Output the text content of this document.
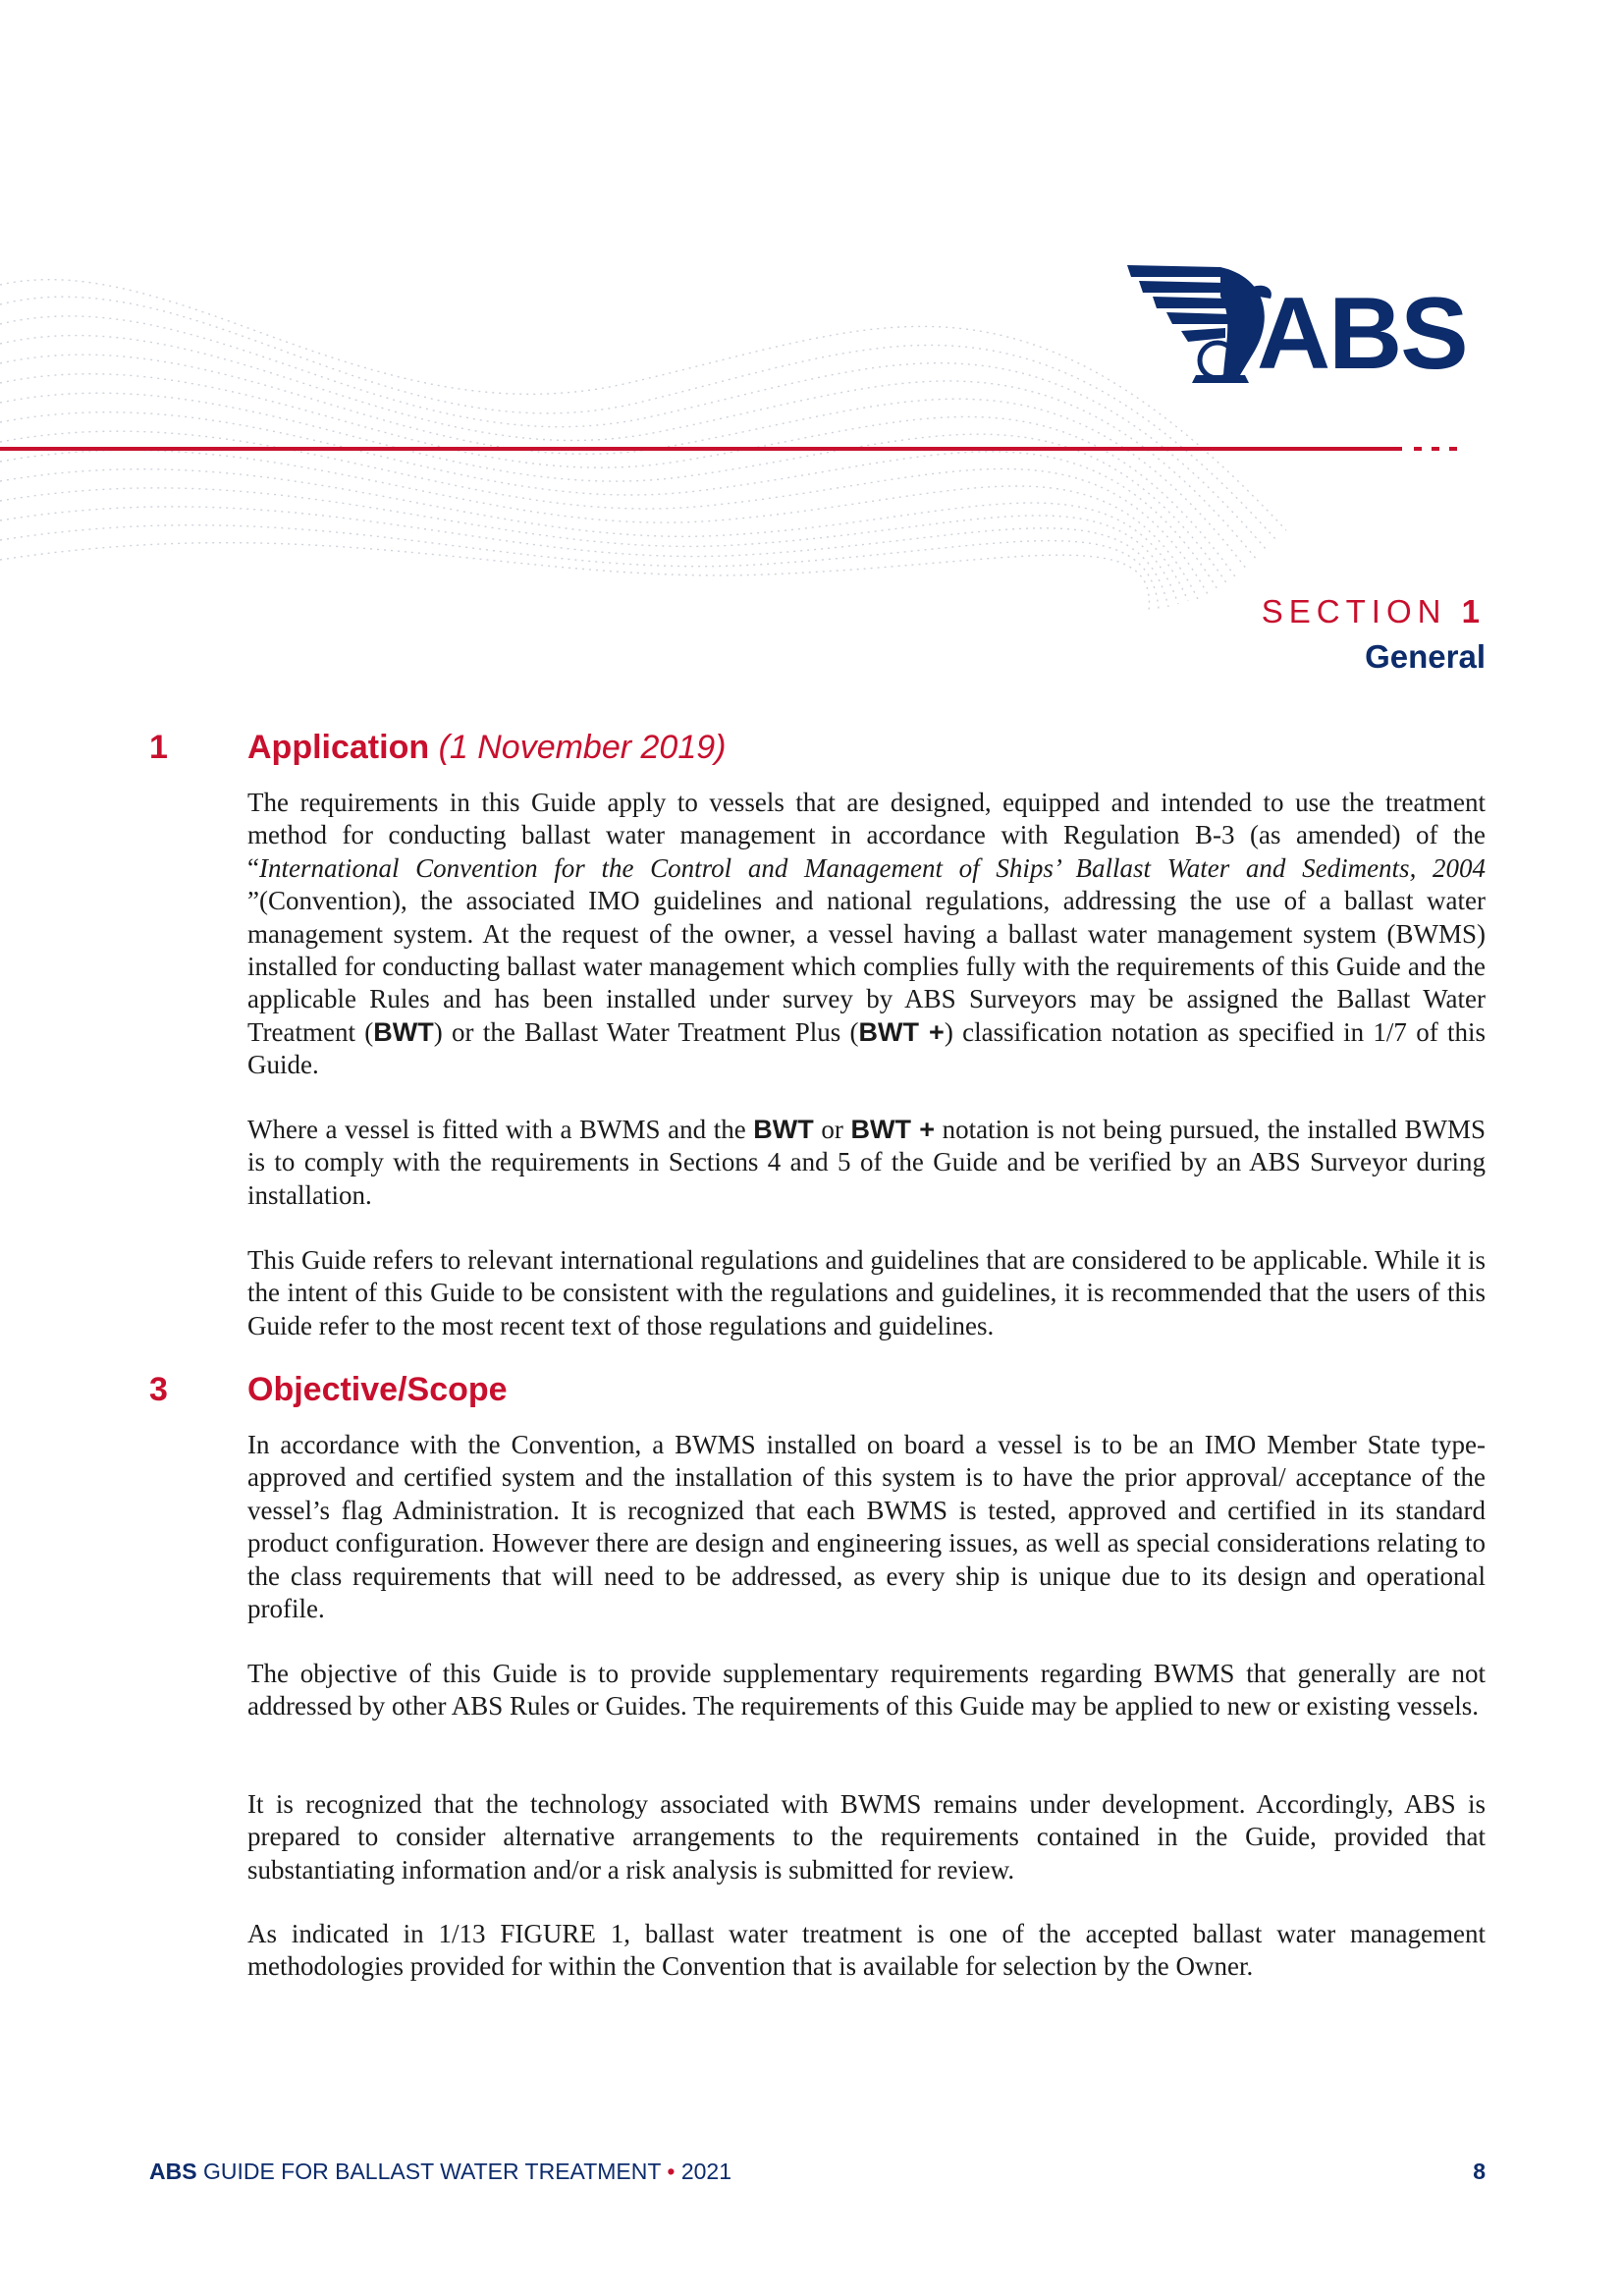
ABS
SECTION 1
General
1 Application (1 November 2019)
The requirements in this Guide apply to vessels that are designed, equipped and intended to use the treatment method for conducting ballast water management in accordance with Regulation B-3 (as amended) of the “International Convention for the Control and Management of Ships’ Ballast Water and Sediments, 2004 ”(Convention), the associated IMO guidelines and national regulations, addressing the use of a ballast water management system. At the request of the owner, a vessel having a ballast water management system (BWMS) installed for conducting ballast water management which complies fully with the requirements of this Guide and the applicable Rules and has been installed under survey by ABS Surveyors may be assigned the Ballast Water Treatment (BWT) or the Ballast Water Treatment Plus (BWT +) classification notation as specified in 1/7 of this Guide.
Where a vessel is fitted with a BWMS and the BWT or BWT + notation is not being pursued, the installed BWMS is to comply with the requirements in Sections 4 and 5 of the Guide and be verified by an ABS Surveyor during installation.
This Guide refers to relevant international regulations and guidelines that are considered to be applicable. While it is the intent of this Guide to be consistent with the regulations and guidelines, it is recommended that the users of this Guide refer to the most recent text of those regulations and guidelines.
3 Objective/Scope
In accordance with the Convention, a BWMS installed on board a vessel is to be an IMO Member State type-approved and certified system and the installation of this system is to have the prior approval/ acceptance of the vessel’s flag Administration. It is recognized that each BWMS is tested, approved and certified in its standard product configuration. However there are design and engineering issues, as well as special considerations relating to the class requirements that will need to be addressed, as every ship is unique due to its design and operational profile.
The objective of this Guide is to provide supplementary requirements regarding BWMS that generally are not addressed by other ABS Rules or Guides. The requirements of this Guide may be applied to new or existing vessels.
It is recognized that the technology associated with BWMS remains under development. Accordingly, ABS is prepared to consider alternative arrangements to the requirements contained in the Guide, provided that substantiating information and/or a risk analysis is submitted for review.
As indicated in 1/13 FIGURE 1, ballast water treatment is one of the accepted ballast water management methodologies provided for within the Convention that is available for selection by the Owner.
ABS GUIDE FOR BALLAST WATER TREATMENT • 2021	8
